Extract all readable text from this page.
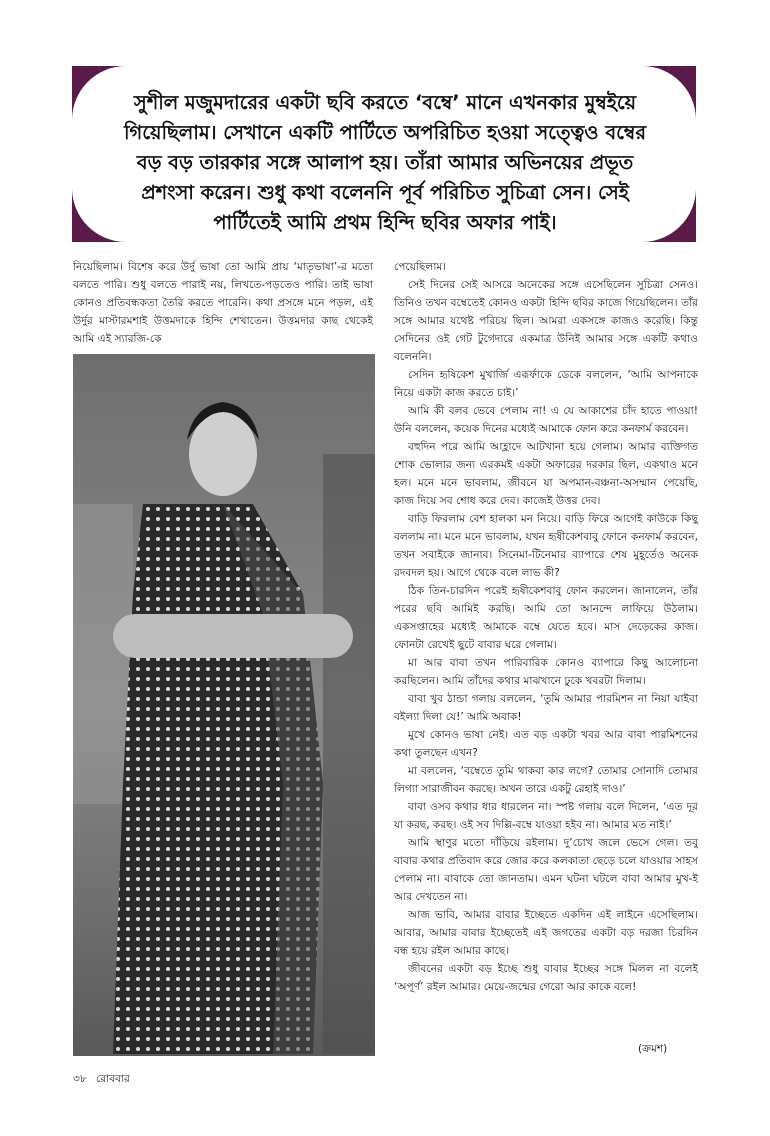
সুশীল মজুমদারের একটা ছবি করতে ‘বম্বে’ মানে এখনকার মুম্বইয়ে গিয়েছিলাম। সেখানে একটি পার্টিতে অপরিচিত হওয়া সত্ত্বেও বম্বের বড় বড় তারকার সঙ্গে আলাপ হয়। তাঁরা আমার অভিনয়ের প্রভূত প্রশংসা করেন। শুধু কথা বলেননি পূর্ব পরিচিত সুচিত্রা সেন। সেই পার্টিতেই আমি প্রথম হিন্দি ছবির অফার পাই।

নিয়েছিলাম। বিশেষ করে উর্দু ভাষা তো আমি প্রায় ‘মাতৃভাষা’-র মতো বলতে পারি। শুধু বলতে পারাই নয়, লিখতে-পড়তেও পারি। তাই ভাষা কোনও প্রতিবন্ধকতা তৈরি করতে পারেনি। কথা প্রসঙ্গে মনে পড়ল, এই উর্দুর মাস্টারমশাই উত্তমদাকে হিন্দি শেখাতেন। উত্তমদার কাছ থেকেই আমি এই স্যারজি-কে

পেয়েছিলাম।

সেই দিনের সেই আসরে অনেকের সঙ্গে এসেছিলেন সুচিত্রা সেনও। তিনিও তখন বম্বেতেই কোনও একটা হিন্দি ছবির কাজে গিয়েছিলেন। তাঁর সঙ্গে আমার যথেষ্ট পরিচয় ছিল। আমরা একসঙ্গে কাজও করেছি। কিন্তু সেদিনের ওই গেট টুগেদারে একমাত্র উনিই আমার সঙ্গে একটি কথাও বলেননি।

সেদিন হৃষিকেশ মুখার্জি এরূর্ফাকে ডেকে বললেন, ‘আমি আপনাকে নিয়ে একটা কাজ করতে চাই।’

আমি কী বলব ভেবে পেলাম না! এ যে আকাশের চাঁদ হাতে পাওয়া! উনি বললেন, কয়েক দিনের মধ্যেই আমাকে ফোন করে কনফার্ম করবেন।

বহুদিন পরে আমি আহ্লাদে আটখানা হয়ে গেলাম। আমার ব্যক্তিগত শোক ভোলার জন্য এরকমই একটা অফারের দরকার ছিল, একথাও মনে হল। মনে মনে ভাবলাম, জীবনে যা অপমান-বঞ্চনা-অসম্মান পেয়েছি, কাজ দিয়ে সব শোধ করে দেব। কাজেই উত্তর দেব।

বাড়ি ফিরলাম বেশ হালকা মন নিয়ে। বাড়ি ফিরে আগেই কাউকে কিছু বললাম না। মনে মনে ভাবলাম, যখন হৃষীকেশবাবু ফোনে কনফার্ম করবেন, তখন সবাইকে জানাব। সিনেমা-টিনেমার ব্যাপারে শেষ মুহূর্তেও অনেক রদবদল হয়। আগে থেকে বলে লাভ কী?

ঠিক তিন-চারদিন পরেই হৃষীকেশবাবু ফোন করলেন। জানালেন, তাঁর পরের ছবি আমিই করছি। আমি তো আনন্দে লাফিয়ে উঠলাম। একসপ্তাহের মধ্যেই আমাকে বম্বে যেতে হবে। মাস দেড়েকের কাজ। ফোনটা রেখেই ছুটে বাবার ঘরে গেলাম।

মা আর বাবা তখন পারিবারিক কোনও ব্যাপারে কিছু আলোচনা করছিলেন। আমি তাঁদের কথার মাঝখানে ঢুকে খবরটা দিলাম।

বাবা খুব ঠান্ডা গলায় বললেন, ‘তুমি আমার পারমিশন না নিয়া যাইবা বইল্যা দিলা যে!’ আমি অবাক!

মুখে কোনও ভাষা নেই। এত বড় একটা খবর আর বাবা পারমিশনের কথা তুলছেন এখন?

মা বললেন, ‘বম্বেতে তুমি থাকবা কার লগে? তোমার সোনাদি তোমার লিগ্যা সারাজীবন করছে। অখন তারে একটু রেহাই দাও।’

বাবা ওসব কথার ধার ধারলেন না। স্পষ্ট গলায় বলে দিলেন, ‘এত দূর যা করছ, করছ। ওই সব দিল্লি-বম্বে যাওয়া হইব না। আমার মত নাই।’

আমি স্থাণুর মতো দাঁড়িয়ে রইলাম। দু’চোখ জলে ভেসে গেল। তবু বাবার কথার প্রতিবাদ করে জোর করে কলকাতা ছেড়ে চলে যাওয়ার সাহস পেলাম না। বাবাকে তো জানতাম। এমন ঘটনা ঘটলে বাবা আমার মুখ-ই আর দেখতেন না।

আজ ভাবি, আমার বাবার ইচ্ছেতে একদিন এই লাইনে এসেছিলাম। আবার, আমার বাবার ইচ্ছেতেই এই জগতের একটা বড় দরজা চিরদিন বন্ধ হয়ে রইল আমার কাছে।

জীবনের একটা বড় ইচ্ছে শুধু বাবার ইচ্ছের সঙ্গে মিলল না বলেই ‘অপূর্ণ’ রইল আমার। মেয়ে-জন্মের গেরো আর কাকে বলে!

(ক্রমশ)
৩৮ রোববার
